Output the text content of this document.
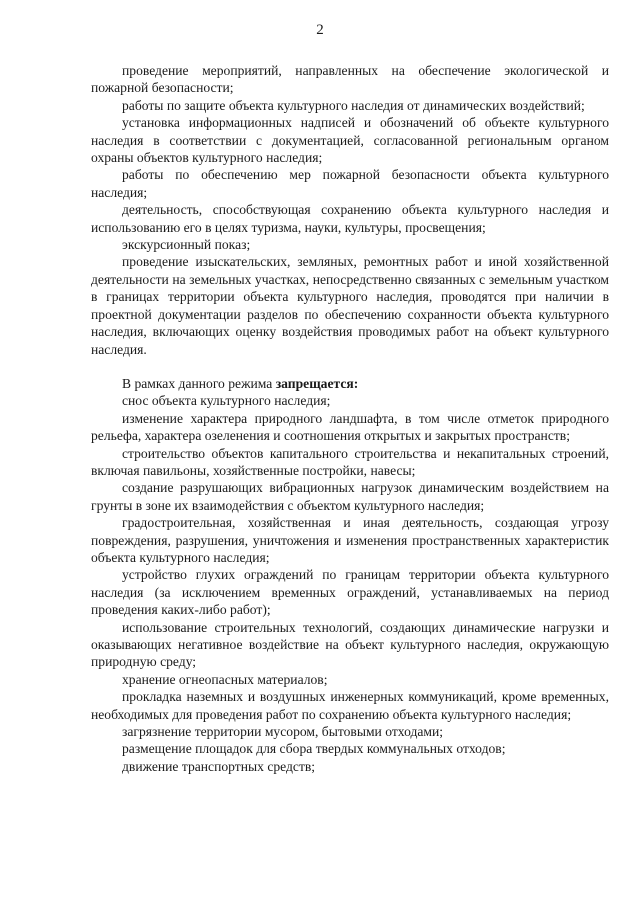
2

проведение мероприятий, направленных на обеспечение экологической и пожарной безопасности;

работы по защите объекта культурного наследия от динамических воздействий;

установка информационных надписей и обозначений об объекте культурного наследия в соответствии с документацией, согласованной региональным органом охраны объектов культурного наследия;

работы по обеспечению мер пожарной безопасности объекта культурного наследия;

деятельность, способствующая сохранению объекта культурного наследия и использованию его в целях туризма, науки, культуры, просвещения;

экскурсионный показ;

проведение изыскательских, земляных, ремонтных работ и иной хозяйственной деятельности на земельных участках, непосредственно связанных с земельным участком в границах территории объекта культурного наследия, проводятся при наличии в проектной документации разделов по обеспечению сохранности объекта культурного наследия, включающих оценку воздействия проводимых работ на объект культурного наследия.

В рамках данного режима запрещается:

снос объекта культурного наследия;

изменение характера природного ландшафта, в том числе отметок природного рельефа, характера озеленения и соотношения открытых и закрытых пространств;

строительство объектов капитального строительства и некапитальных строений, включая павильоны, хозяйственные постройки, навесы;

создание разрушающих вибрационных нагрузок динамическим воздействием на грунты в зоне их взаимодействия с объектом культурного наследия;

градостроительная, хозяйственная и иная деятельность, создающая угрозу повреждения, разрушения, уничтожения и изменения пространственных характеристик объекта культурного наследия;

устройство глухих ограждений по границам территории объекта культурного наследия (за исключением временных ограждений, устанавливаемых на период проведения каких-либо работ);

использование строительных технологий, создающих динамические нагрузки и оказывающих негативное воздействие на объект культурного наследия, окружающую природную среду;

хранение огнеопасных материалов;

прокладка наземных и воздушных инженерных коммуникаций, кроме временных, необходимых для проведения работ по сохранению объекта культурного наследия;

загрязнение территории мусором, бытовыми отходами;

размещение площадок для сбора твердых коммунальных отходов;

движение транспортных средств;
